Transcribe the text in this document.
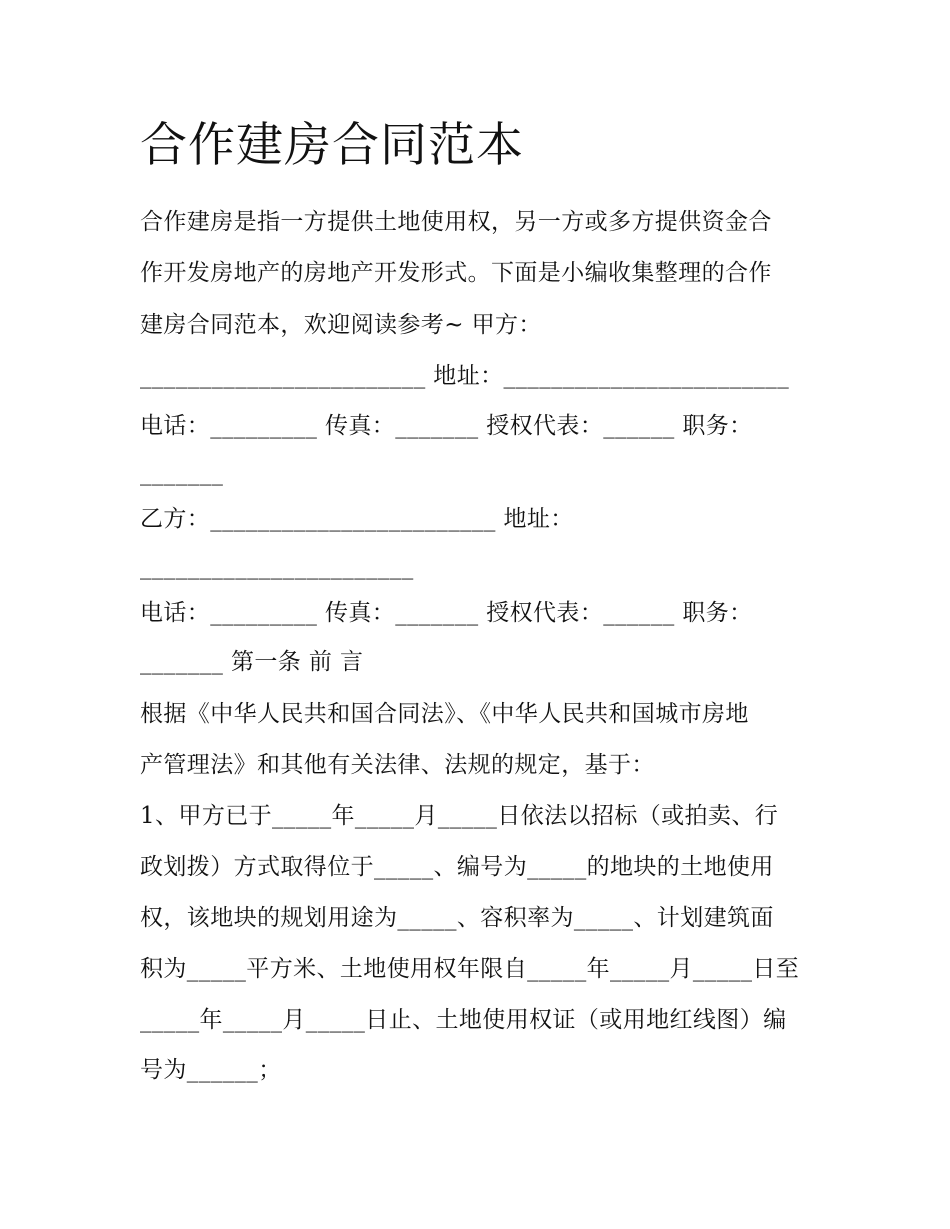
合作建房合同范本
合作建房是指一方提供土地使用权，另一方或多方提供资金合
作开发房地产的房地产开发形式。下面是小编收集整理的合作
建房合同范本，欢迎阅读参考~ 甲方：
________________________ 地址：________________________
电话：_________ 传真：_______ 授权代表：______ 职务：
_______
乙方：________________________ 地址：
_______________________
电话：_________ 传真：_______ 授权代表：______ 职务：
_______ 第一条 前 言
根据《中华人民共和国合同法》、《中华人民共和国城市房地
产管理法》和其他有关法律、法规的规定，基于：
1、甲方已于_____年_____月_____日依法以招标（或拍卖、行
政划拨）方式取得位于_____、编号为_____的地块的土地使用
权，该地块的规划用途为_____、容积率为_____、计划建筑面
积为_____平方米、土地使用权年限自_____年_____月_____日至
_____年_____月_____日止、土地使用权证（或用地红线图）编
号为______；
